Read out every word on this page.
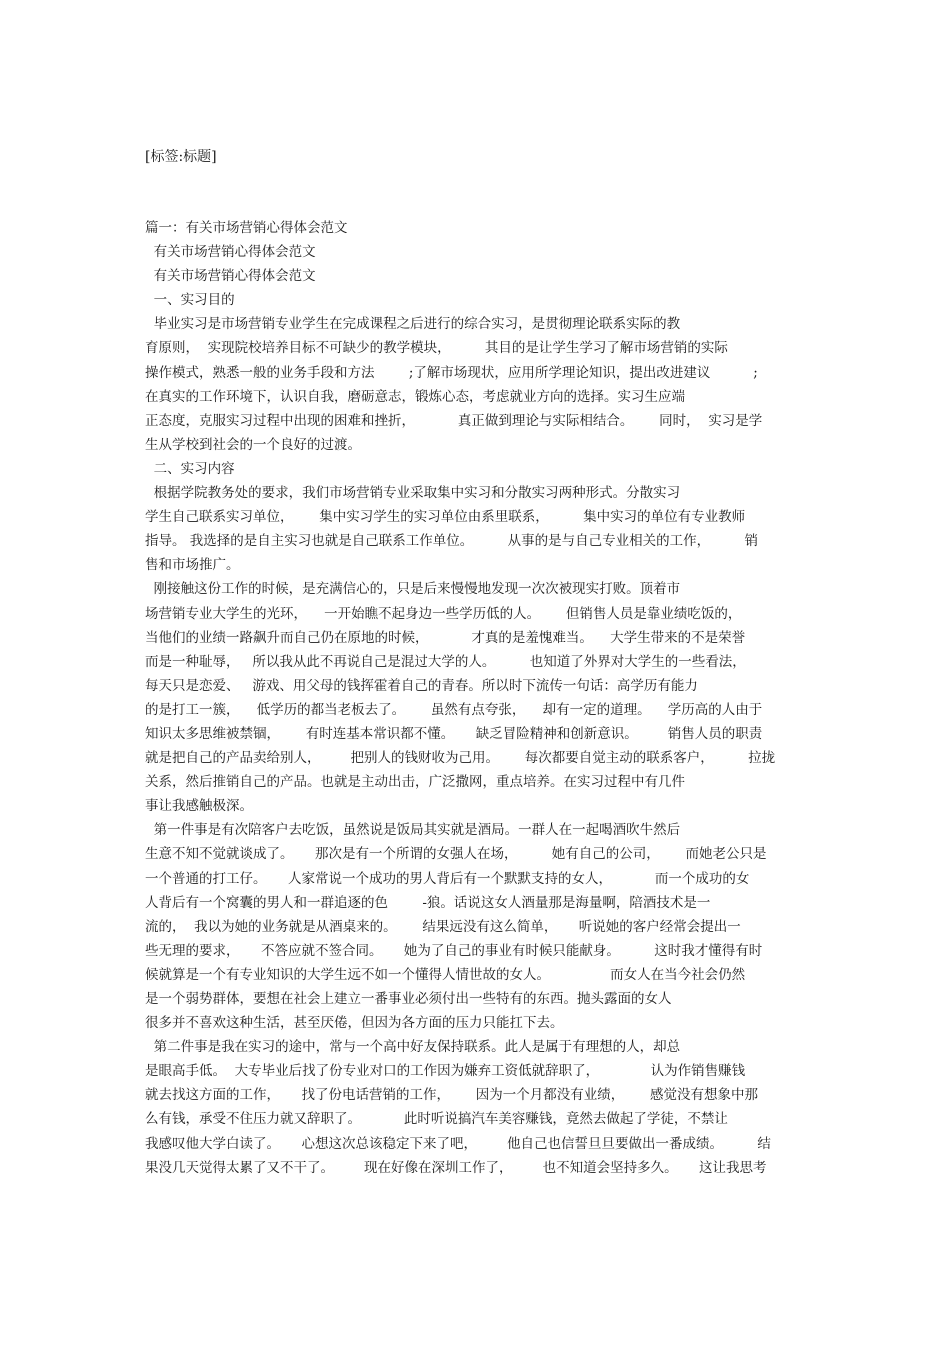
[标签:标题]
篇一：有关市场营销心得体会范文
有关市场营销心得体会范文
有关市场营销心得体会范文
一、实习目的
毕业实习是市场营销专业学生在完成课程之后进行的综合实习，是贯彻理论联系实际的教
育原则，  实现院校培养目标不可缺少的教学模块，        其目的是让学生学习了解市场营销的实际
操作模式，熟悉一般的业务手段和方法        ;了解市场现状，应用所学理论知识，提出改进建议          ;
在真实的工作环境下，认识自我，磨砺意志，锻炼心态，考虑就业方向的选择。实习生应端
正态度，克服实习过程中出现的困难和挫折，          真正做到理论与实际相结合。      同时，  实习是学
生从学校到社会的一个良好的过渡。
二、实习内容
根据学院教务处的要求，我们市场营销专业采取集中实习和分散实习两种形式。分散实习
学生自己联系实习单位，      集中实习学生的实习单位由系里联系，        集中实习的单位有专业教师
指导。 我选择的是自主实习也就是自己联系工作单位。        从事的是与自己专业相关的工作，        销
售和市场推广。
刚接触这份工作的时候，是充满信心的，只是后来慢慢地发现一次次被现实打败。顶着市
场营销专业大学生的光环，    一开始瞧不起身边一些学历低的人。      但销售人员是靠业绩吃饭的，
当他们的业绩一路飙升而自己仍在原地的时候，          才真的是羞愧难当。    大学生带来的不是荣誉
而是一种耻辱，   所以我从此不再说自己是混过大学的人。        也知道了外界对大学生的一些看法，
每天只是恋爱、   游戏、用父母的钱挥霍着自己的青春。所以时下流传一句话：高学历有能力
的是打工一簇，    低学历的都当老板去了。      虽然有点夸张，    却有一定的道理。    学历高的人由于
知识太多思维被禁锢，      有时连基本常识都不懂。     缺乏冒险精神和创新意识。       销售人员的职责
就是把自己的产品卖给别人，       把别人的钱财收为己用。      每次都要自觉主动的联系客户，        拉拢
关系，然后推销自己的产品。也就是主动出击，广泛撒网，重点培养。在实习过程中有几件
事让我感触极深。
第一件事是有次陪客户去吃饭，虽然说是饭局其实就是酒局。一群人在一起喝酒吹牛然后
生意不知不觉就谈成了。     那次是有一个所谓的女强人在场，        她有自己的公司，      而她老公只是
一个普通的打工仔。     人家常说一个成功的男人背后有一个默默支持的女人，          而一个成功的女
人背后有一个窝囊的男人和一群追逐的色        -狼。话说这女人酒量那是海量啊，陪酒技术是一
流的，  我以为她的业务就是从酒桌来的。      结果远没有这么简单，     听说她的客户经常会提出一
些无理的要求，     不答应就不签合同。     她为了自己的事业有时候只能献身。        这时我才懂得有时
候就算是一个有专业知识的大学生远不如一个懂得人情世故的女人。              而女人在当今社会仍然
是一个弱势群体，要想在社会上建立一番事业必须付出一些特有的东西。抛头露面的女人
很多并不喜欢这种生活，甚至厌倦，但因为各方面的压力只能扛下去。
第二件事是我在实习的途中，常与一个高中好友保持联系。此人是属于有理想的人，却总
是眼高手低。  大专毕业后找了份专业对口的工作因为嫌弃工资低就辞职了，            认为作销售赚钱
就去找这方面的工作，     找了份电话营销的工作，      因为一个月都没有业绩，      感觉没有想象中那
么有钱，承受不住压力就又辞职了。          此时听说搞汽车美容赚钱，竟然去做起了学徒，不禁让
我感叹他大学白读了。     心想这次总该稳定下来了吧，       他自己也信誓旦旦要做出一番成绩。        结
果没几天觉得太累了又不干了。       现在好像在深圳工作了，       也不知道会坚持多久。     这让我思考
